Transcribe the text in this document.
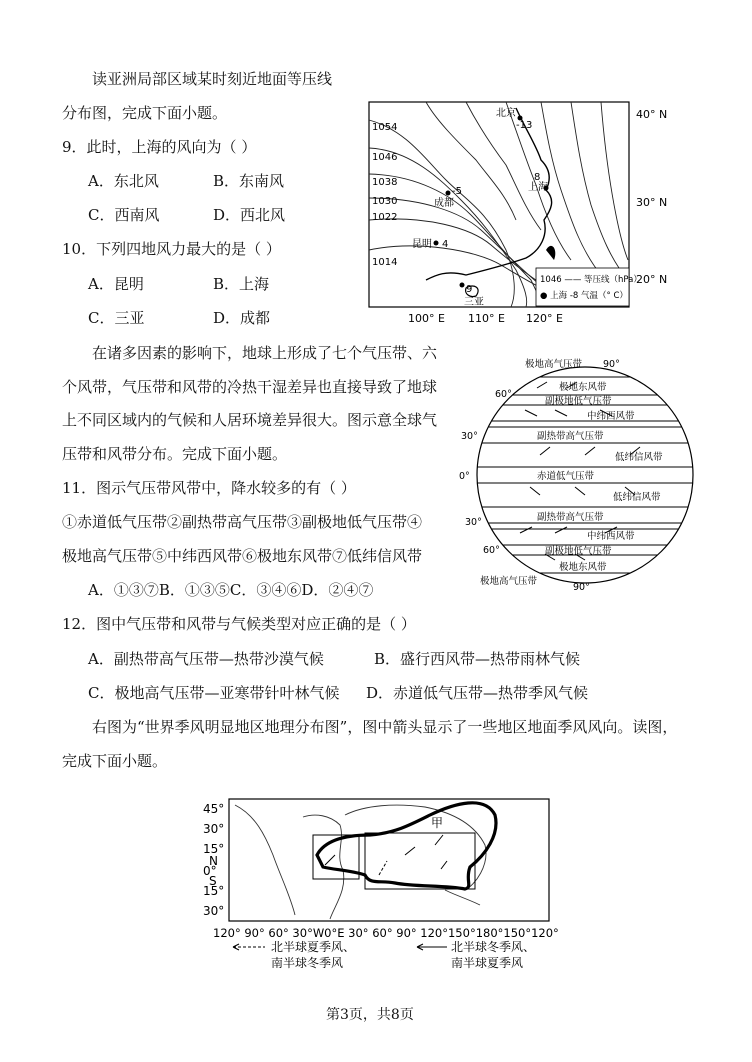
读亚洲局部区域某时刻近地面等压线
分布图，完成下面小题。
9．此时，上海的风向为（ ）
A．东北风	B．东南风
C．西南风	D．西北风
10．下列四地风力最大的是（ ）
A．昆明	B．上海
C．三亚	D．成都
1054
1046
1038
1030
1022
1014
北京
-13
成都
-5	上海
8
昆明 4
三亚
9
1046 —— 等压线（hPa）
● 上海 -8 气温（° C）
40° N
30° N
20° N
100° E 110° E 120° E
在诸多因素的影响下，地球上形成了七个气压带、六
个风带，气压带和风带的冷热干湿差异也直接导致了地球
上不同区域内的气候和人居环境差异很大。图示意全球气
压带和风带分布。完成下面小题。
极地高气压带 90°
极地东风带
副极地低气压带
中纬西风带
副热带高气压带
低纬信风带
赤道低气压带
低纬信风带
副热带高气压带
中纬西风带
副极地低气压带
极地东风带
极地高气压带
90°
60°
30°
0°
30°
60°
11．图示气压带风带中，降水较多的有（ ）
①赤道低气压带②副热带高气压带③副极地低气压带④
极地高气压带⑤中纬西风带⑥极地东风带⑦低纬信风带
A．①③⑦B．①③⑤C．③④⑥D．②④⑦
12．图中气压带和风带与气候类型对应正确的是（ ）
A．副热带高气压带—热带沙漠气候	B．盛行西风带—热带雨林气候
C．极地高气压带—亚寒带针叶林气候 D．赤道低气压带—热带季风气候
右图为“世界季风明显地区地理分布图”，图中箭头显示了一些地区地面季风风向。读图，
完成下面小题。
甲
45°
30°
15°
N
0°
S
15°
30°
120° 90° 60° 30°W0°E 30° 60° 90° 120°150°180°150°120°
北半球夏季风、
南半球冬季风
北半球冬季风、
南半球夏季风
第3页，共8页
